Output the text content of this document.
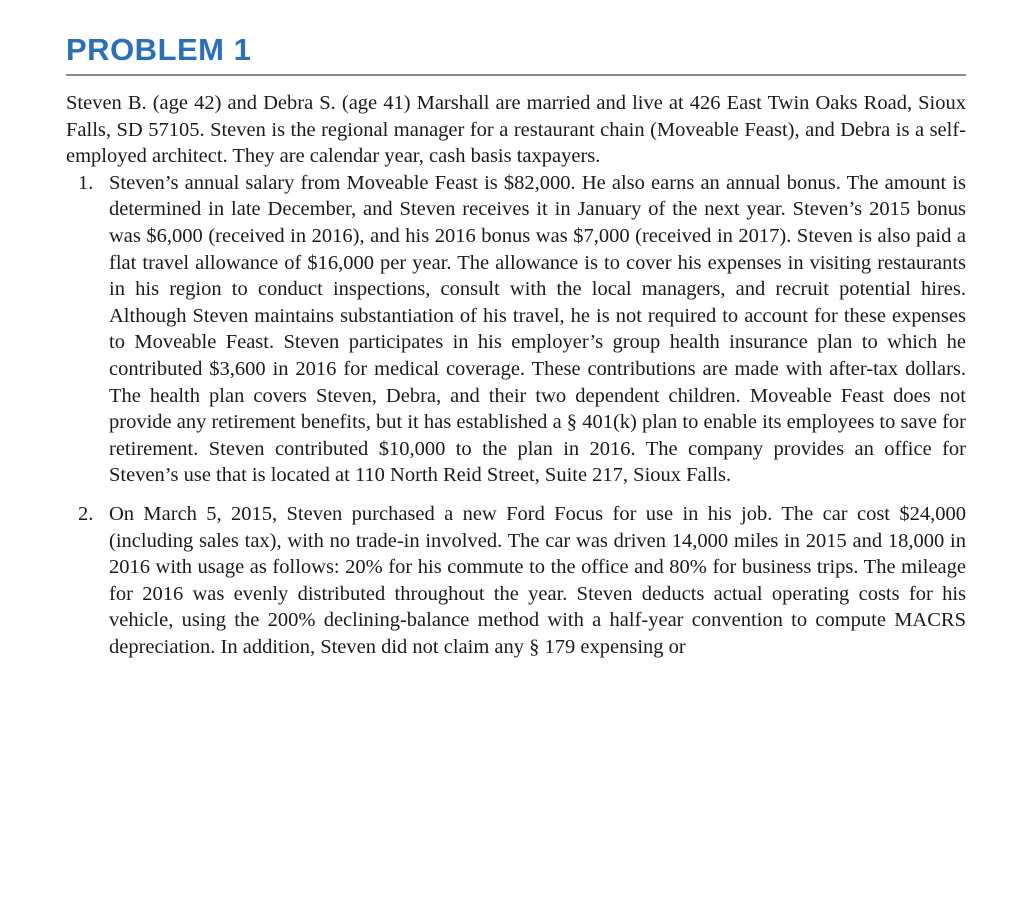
PROBLEM 1

Steven B. (age 42) and Debra S. (age 41) Marshall are married and live at 426 East Twin Oaks Road, Sioux Falls, SD 57105. Steven is the regional manager for a restaurant chain (Moveable Feast), and Debra is a self-employed architect. They are calendar year, cash basis taxpayers.

1. Steven’s annual salary from Moveable Feast is $82,000. He also earns an annual bonus. The amount is determined in late December, and Steven receives it in January of the next year. Steven’s 2015 bonus was $6,000 (received in 2016), and his 2016 bonus was $7,000 (received in 2017). Steven is also paid a flat travel allowance of $16,000 per year. The allowance is to cover his expenses in visiting restaurants in his region to conduct inspections, consult with the local managers, and recruit potential hires. Although Steven maintains substantiation of his travel, he is not required to account for these expenses to Moveable Feast. Steven participates in his employer’s group health insurance plan to which he contributed $3,600 in 2016 for medical coverage. These contributions are made with after-tax dollars. The health plan covers Steven, Debra, and their two dependent children. Moveable Feast does not provide any retirement benefits, but it has established a § 401(k) plan to enable its employees to save for retirement. Steven contributed $10,000 to the plan in 2016. The company provides an office for Steven’s use that is located at 110 North Reid Street, Suite 217, Sioux Falls.
2. On March 5, 2015, Steven purchased a new Ford Focus for use in his job. The car cost $24,000 (including sales tax), with no trade-in involved. The car was driven 14,000 miles in 2015 and 18,000 in 2016 with usage as follows: 20% for his commute to the office and 80% for business trips. The mileage for 2016 was evenly distributed throughout the year. Steven deducts actual operating costs for his vehicle, using the 200% declining-balance method with a half-year convention to compute MACRS depreciation. In addition, Steven did not claim any § 179 expensing or
